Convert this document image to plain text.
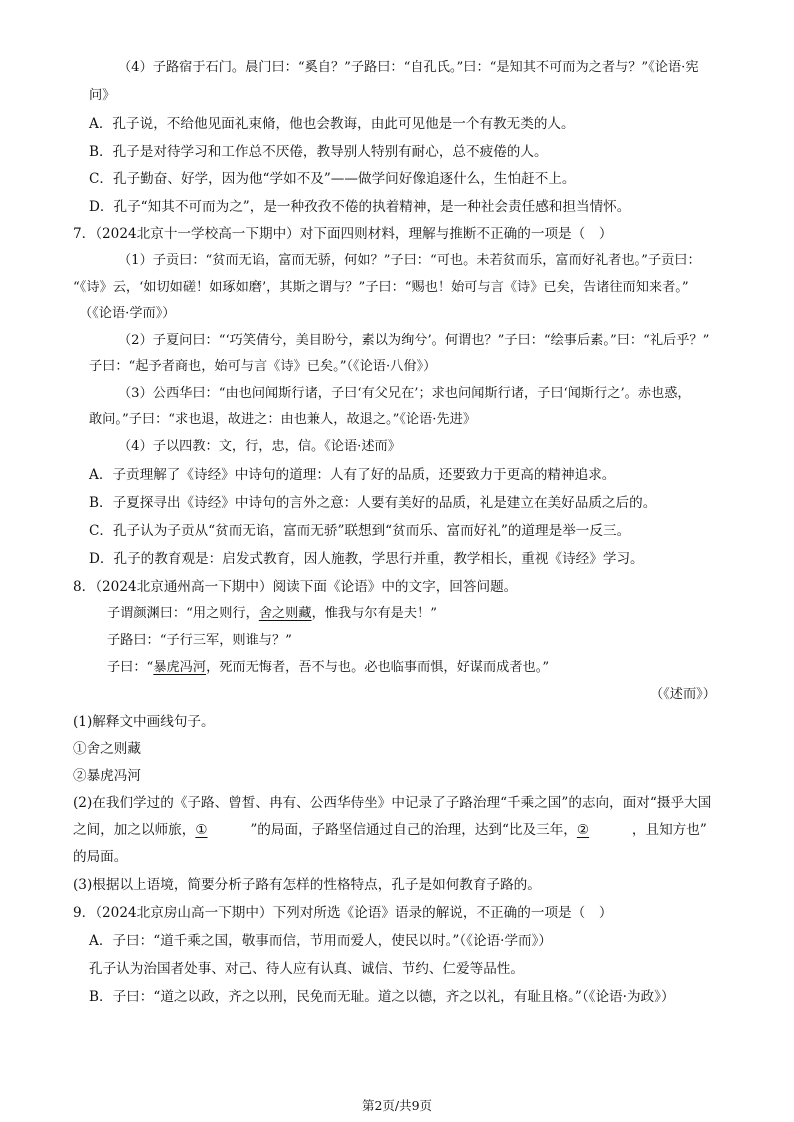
（4）子路宿于石门。晨门曰：“奚自？”子路曰：“自孔氏。”曰：“是知其不可而为之者与？”《论语·宪
问》
A．孔子说，不给他见面礼束脩，他也会教诲，由此可见他是一个有教无类的人。
B．孔子是对待学习和工作总不厌倦，教导别人特别有耐心，总不疲倦的人。
C．孔子勤奋、好学，因为他“学如不及”——做学问好像追逐什么，生怕赶不上。
D．孔子“知其不可而为之”，是一种孜孜不倦的执着精神，是一种社会责任感和担当情怀。
7．（2024北京十一学校高一下期中）对下面四则材料，理解与推断不正确的一项是（　）
（1）子贡曰：“贫而无谄，富而无骄，何如？”子曰：“可也。未若贫而乐，富而好礼者也。”子贡曰：
“《诗》云，‘如切如磋！如琢如磨’，其斯之谓与？”子曰：“赐也！始可与言《诗》已矣，告诸往而知来者。”
（《论语·学而》）
（2）子夏问曰：“‘巧笑倩兮，美目盼兮，素以为绚兮’。何谓也？”子曰：“绘事后素。”曰：“礼后乎？”
子曰：“起予者商也，始可与言《诗》已矣。”（《论语·八佾》）
（3）公西华曰：“由也问闻斯行诸，子曰‘有父兄在’；求也问闻斯行诸，子曰‘闻斯行之’。赤也惑，
敢问。”子曰：“求也退，故进之：由也兼人，故退之。”《论语·先进》
（4）子以四教：文，行，忠，信。《论语·述而》
A．子贡理解了《诗经》中诗句的道理：人有了好的品质，还要致力于更高的精神追求。
B．子夏探寻出《诗经》中诗句的言外之意：人要有美好的品质，礼是建立在美好品质之后的。
C．孔子认为子贡从“贫而无谄，富而无骄”联想到“贫而乐、富而好礼”的道理是举一反三。
D．孔子的教育观是：启发式教育，因人施教，学思行并重，教学相长，重视《诗经》学习。
8．（2024北京通州高一下期中）阅读下面《论语》中的文字，回答问题。
子谓颜渊曰：“用之则行，舍之则藏，惟我与尔有是夫！”
子路曰：“子行三军，则谁与？”
子曰：“暴虎冯河，死而无悔者，吾不与也。必也临事而惧，好谋而成者也。”
（《述而》）
(1)解释文中画线句子。
①舍之则藏
②暴虎冯河
(2)在我们学过的《子路、曾皙、冉有、公西华侍坐》中记录了子路治理“千乘之国”的志向，面对“摄乎大国
之间，加之以师旅，①	”的局面，子路坚信通过自己的治理，达到“比及三年，②	，且知方也”
的局面。
(3)根据以上语境，简要分析子路有怎样的性格特点，孔子是如何教育子路的。
9．（2024北京房山高一下期中）下列对所选《论语》语录的解说，不正确的一项是（　）
A．子曰：“道千乘之国，敬事而信，节用而爱人，使民以时。”（《论语·学而》）
孔子认为治国者处事、对己、待人应有认真、诚信、节约、仁爱等品性。
B．子曰：“道之以政，齐之以刑，民免而无耻。道之以德，齐之以礼，有耻且格。”（《论语·为政》）
第2页/共9页
